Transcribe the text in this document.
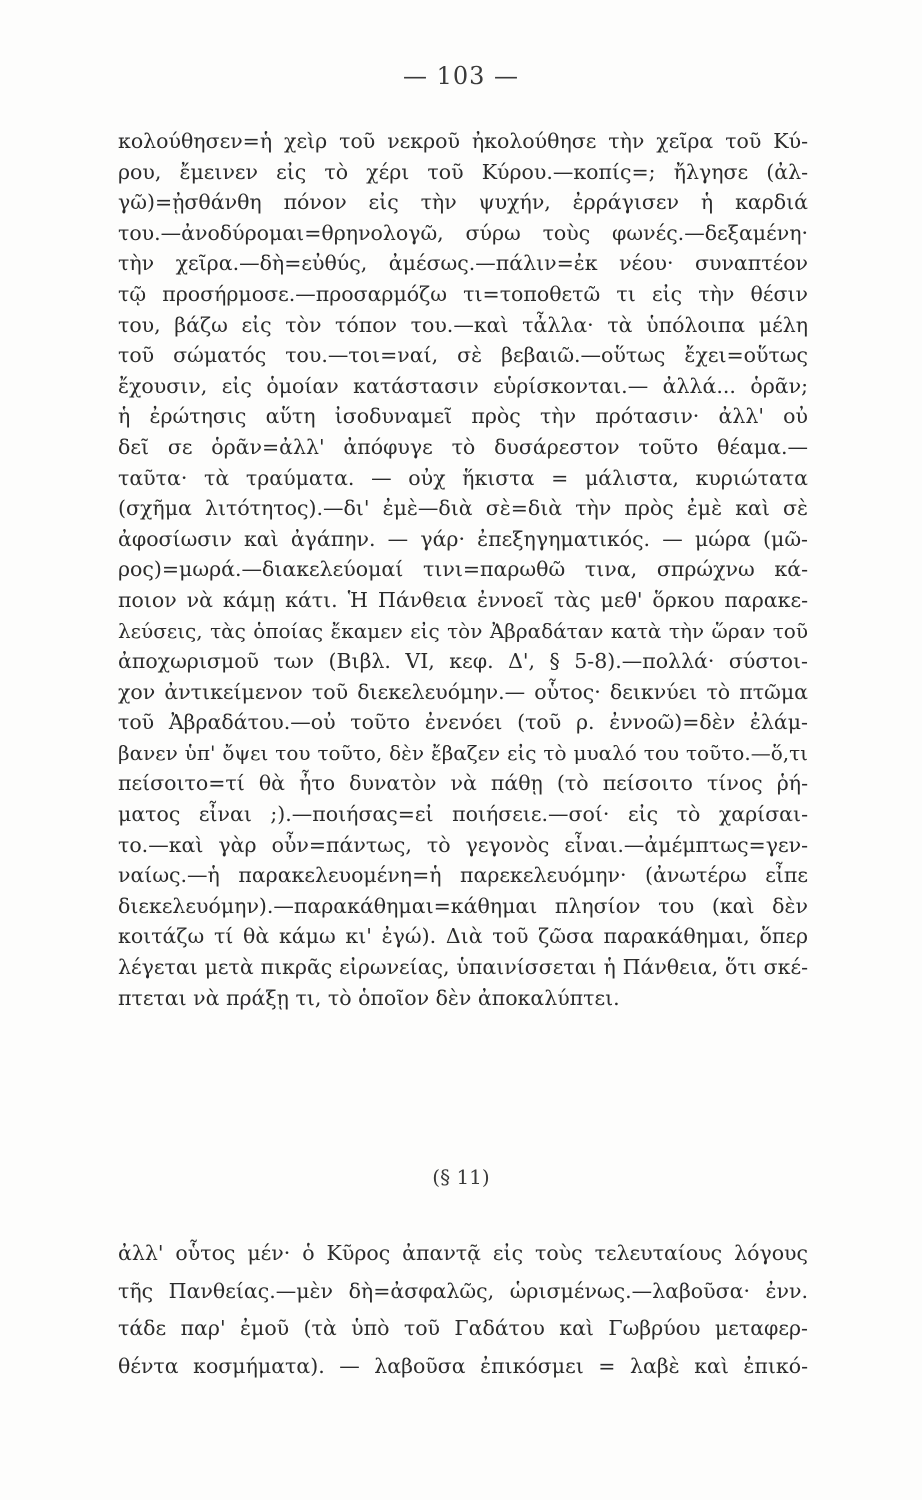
— 103 —
κολούθησεν=ἡ χεὶρ τοῦ νεκροῦ ἠκολούθησε τὴν χεῖρα τοῦ Κύ-
ρου, ἔμεινεν εἰς τὸ χέρι τοῦ Κύρου.—κοπίς=; ἤλγησε (ἀλ-
γῶ)=ᾐσθάνθη πόνον εἰς τὴν ψυχήν, ἐρράγισεν ἡ καρδιά
του.—ἀνοδύρομαι=θρηνολογῶ, σύρω τοὺς φωνές.—δεξαμένη·
τὴν χεῖρα.—δὴ=εὐθύς, ἀμέσως.—πάλιν=ἐκ νέου· συναπτέον
τῷ προσήρμοσε.—προσαρμόζω τι=τοποθετῶ τι εἰς τὴν θέσιν
του, βάζω εἰς τὸν τόπον του.—καὶ τἆλλα· τὰ ὑπόλοιπα μέλη
τοῦ σώματός του.—τοι=ναί, σὲ βεβαιῶ.—οὕτως ἔχει=οὕτως
ἔχουσιν, εἰς ὁμοίαν κατάστασιν εὑρίσκονται.— ἀλλά... ὁρᾶν;
ἡ ἐρώτησις αὕτη ἰσοδυναμεῖ πρὸς τὴν πρότασιν· ἀλλ' οὐ
δεῖ σε ὁρᾶν=ἀλλ' ἀπόφυγε τὸ δυσάρεστον τοῦτο θέαμα.—
ταῦτα· τὰ τραύματα. — οὐχ ἥκιστα = μάλιστα, κυριώτατα
(σχῆμα λιτότητος).—δι' ἐμὲ—διὰ σὲ=διὰ τὴν πρὸς ἐμὲ καὶ σὲ
ἀφοσίωσιν καὶ ἀγάπην. — γάρ· ἐπεξηγηματικός. — μώρα (μῶ-
ρος)=μωρά.—διακελεύομαί τινι=παρωθῶ τινα, σπρώχνω κά-
ποιον νὰ κάμῃ κάτι. Ἡ Πάνθεια ἐννοεῖ τὰς μεθ' ὅρκου παρακε-
λεύσεις, τὰς ὁποίας ἔκαμεν εἰς τὸν Ἀβραδάταν κατὰ τὴν ὥραν τοῦ
ἀποχωρισμοῦ των (Βιβλ. VI, κεφ. Δ', § 5-8).—πολλά· σύστοι-
χον ἀντικείμενον τοῦ διεκελευόμην.— οὗτος· δεικνύει τὸ πτῶμα
τοῦ Ἀβραδάτου.—οὐ τοῦτο ἐνενόει (τοῦ ρ. ἐννοῶ)=δὲν ἐλάμ-
βανεν ὑπ' ὄψει του τοῦτο, δὲν ἔβαζεν εἰς τὸ μυαλό του τοῦτο.—ὅ,τι
πείσοιτο=τί θὰ ἦτο δυνατὸν νὰ πάθῃ (τὸ πείσοιτο τίνος ῥή-
ματος εἶναι ;).—ποιήσας=εἰ ποιήσειε.—σοί· εἰς τὸ χαρίσαι-
το.—καὶ γὰρ οὖν=πάντως, τὸ γεγονὸς εἶναι.—ἀμέμπτως=γεν-
ναίως.—ἡ παρακελευομένη=ἡ παρεκελευόμην· (ἀνωτέρω εἶπε
διεκελευόμην).—παρακάθημαι=κάθημαι πλησίον του (καὶ δὲν
κοιτάζω τί θὰ κάμω κι' ἐγώ). Διὰ τοῦ ζῶσα παρακάθημαι, ὅπερ
λέγεται μετὰ πικρᾶς εἰρωνείας, ὑπαινίσσεται ἡ Πάνθεια, ὅτι σκέ-
πτεται νὰ πράξῃ τι, τὸ ὁποῖον δὲν ἀποκαλύπτει.
(§ 11)
ἀλλ' οὗτος μέν· ὁ Κῦρος ἀπαντᾷ εἰς τοὺς τελευταίους λόγους
τῆς Πανθείας.—μὲν δὴ=ἀσφαλῶς, ὡρισμένως.—λαβοῦσα· ἐνν.
τάδε παρ' ἐμοῦ (τὰ ὑπὸ τοῦ Γαδάτου καὶ Γωβρύου μεταφερ-
θέντα κοσμήματα). — λαβοῦσα ἐπικόσμει = λαβὲ καὶ ἐπικό-
